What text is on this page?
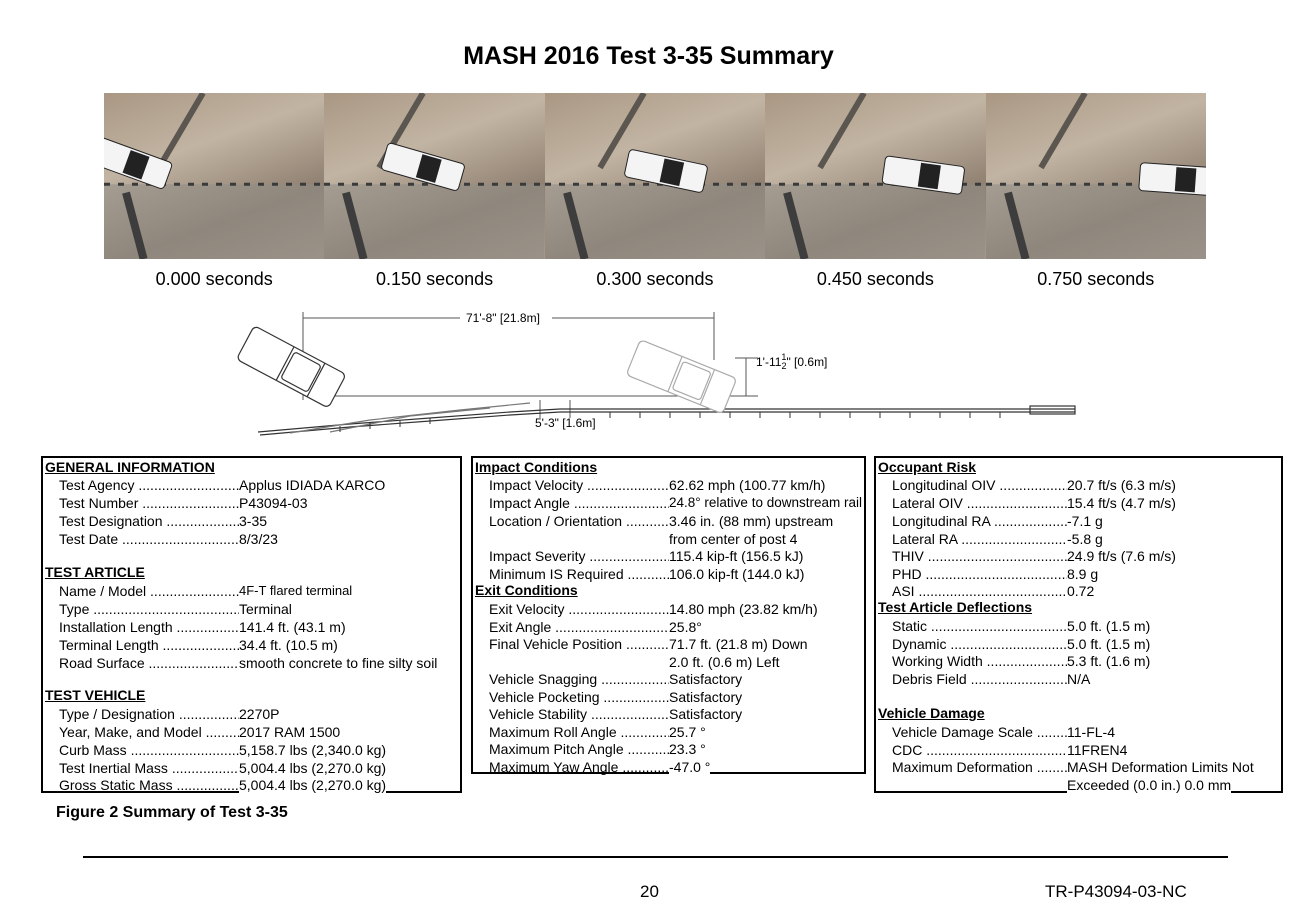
MASH 2016 Test 3-35 Summary
0.000 seconds	0.150 seconds	0.300 seconds	0.450 seconds	0.750 seconds
71'-8" [21.8m]
$1'-11^1$ 2" [0.6m]
5'-3" [1.6m]
GENERAL INFORMATION
Test Agency .....	Applus IDIADA KARCO
Test Number .....	P43094-03
Test Designation .....	3-35
Test Date .....	8/3/23
TEST ARTICLE
Name / Model .....	4F-T flared terminal
Type .....	Terminal
Installation Length .....	141.4 ft. (43.1 m)
Terminal Length .....	34.4 ft. (10.5 m)
Road Surface .....	smooth concrete to fine silty soil
TEST VEHICLE
Type / Designation .....	2270P
Year, Make, and Model .....	2017 RAM 1500
Curb Mass .....	5,158.7 lbs (2,340.0 kg)
Test Inertial Mass .....	5,004.4 lbs (2,270.0 kg)
Gross Static Mass .....	5,004.4 lbs (2,270.0 kg)
Impact Conditions
Impact Velocity .....	62.62 mph (100.77 km/h)
Impact Angle .....	24.8° relative to downstream rail
Location / Orientation .....	3.46 in. (88 mm) upstream
from center of post 4
Impact Severity .....	115.4 kip-ft (156.5 kJ)
Minimum IS Required .....	106.0 kip-ft (144.0 kJ)
Exit Conditions
Exit Velocity .....	14.80 mph (23.82 km/h)
Exit Angle .....	25.8°
Final Vehicle Position .....	71.7 ft. (21.8 m) Down
2.0 ft. (0.6 m) Left
Vehicle Snagging .....	Satisfactory
Vehicle Pocketing .....	Satisfactory
Vehicle Stability .....	Satisfactory
Maximum Roll Angle .....	25.7 °
Maximum Pitch Angle .....	23.3 °
Maximum Yaw Angle .....	-47.0 °
Occupant Risk
Longitudinal OIV .....	20.7 ft/s (6.3 m/s)
Lateral OIV .....	15.4 ft/s (4.7 m/s)
Longitudinal RA .....	-7.1 g
Lateral RA .....	-5.8 g
THIV .....	24.9 ft/s (7.6 m/s)
PHD .....	8.9 g
ASI .....	0.72
Test Article Deflections
Static .....	5.0 ft. (1.5 m)
Dynamic .....	5.0 ft. (1.5 m)
Working Width .....	5.3 ft. (1.6 m)
Debris Field .....	N/A
Vehicle Damage
Vehicle Damage Scale .....	11-FL-4
CDC .....	11FREN4
Maximum Deformation .....	MASH Deformation Limits Not
Exceeded (0.0 in.) 0.0 mm
Figure 2 Summary of Test 3-35
20	TR-P43094-03-NC
